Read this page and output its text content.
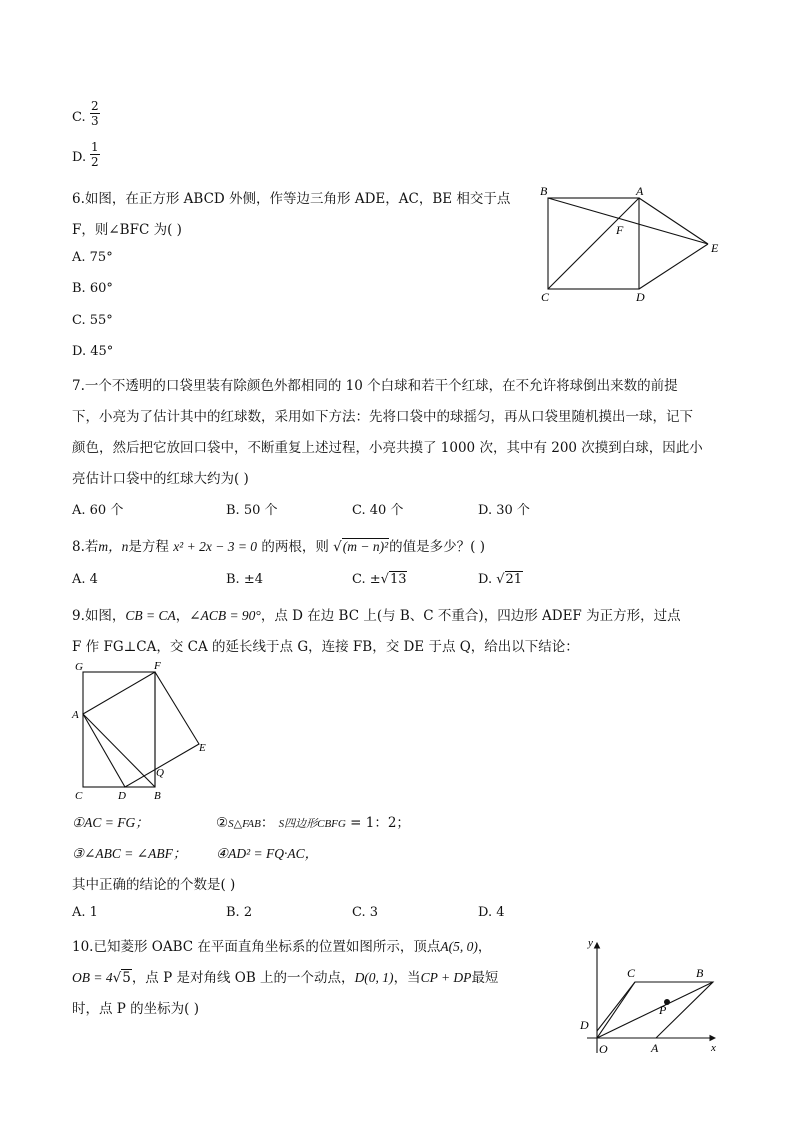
C. $\frac{2}{3}$
D. $\frac{1}{2}$
6.如图，在正方形 ABCD 外侧，作等边三角形 ADE，AC，BE 相交于点
F，则∠BFC 为( )
A. 75°
B. 60°
C. 55°
D. 45°
B	A
F
E
C	D
7.一个不透明的口袋里装有除颜色外都相同的 10 个白球和若干个红球，在不允许将球倒出来数的前提
下，小亮为了估计其中的红球数，采用如下方法：先将口袋中的球摇匀，再从口袋里随机摸出一球，记下
颜色，然后把它放回口袋中，不断重复上述过程，小亮共摸了 1000 次，其中有 200 次摸到白球，因此小
亮估计口袋中的红球大约为( )
A. 60 个	B. 50 个	C. 40 个	D. 30 个
8.若m，n是方程 x² + 2x − 3 = 0 的两根，则 √(m − n)²的值是多少？( )
A. 4	B. ±4	C. ±√13	D. √21
9.如图，CB = CA，∠ACB = 90°，点 D 在边 BC 上(与 B、C 不重合)，四边形 ADEF 为正方形，过点
F 作 FG⊥CA，交 CA 的延长线于点 G，连接 FB，交 DE 于点 Q，给出以下结论：
G	F
A
E
Q
C	D	B
①AC = FG；	②S△FAB： S四边形CBFG = 1：2；
③∠ABC = ∠ABF； ④AD² = FQ·AC，
其中正确的结论的个数是( )
A. 1	B. 2	C. 3	D. 4
10.已知菱形 OABC 在平面直角坐标系的位置如图所示，顶点A(5, 0)，
OB = 4√5，点 P 是对角线 OB 上的一个动点，D(0, 1)，当CP + DP最短
时，点 P 的坐标为( )
y
x
C	B
P
D
O	A
